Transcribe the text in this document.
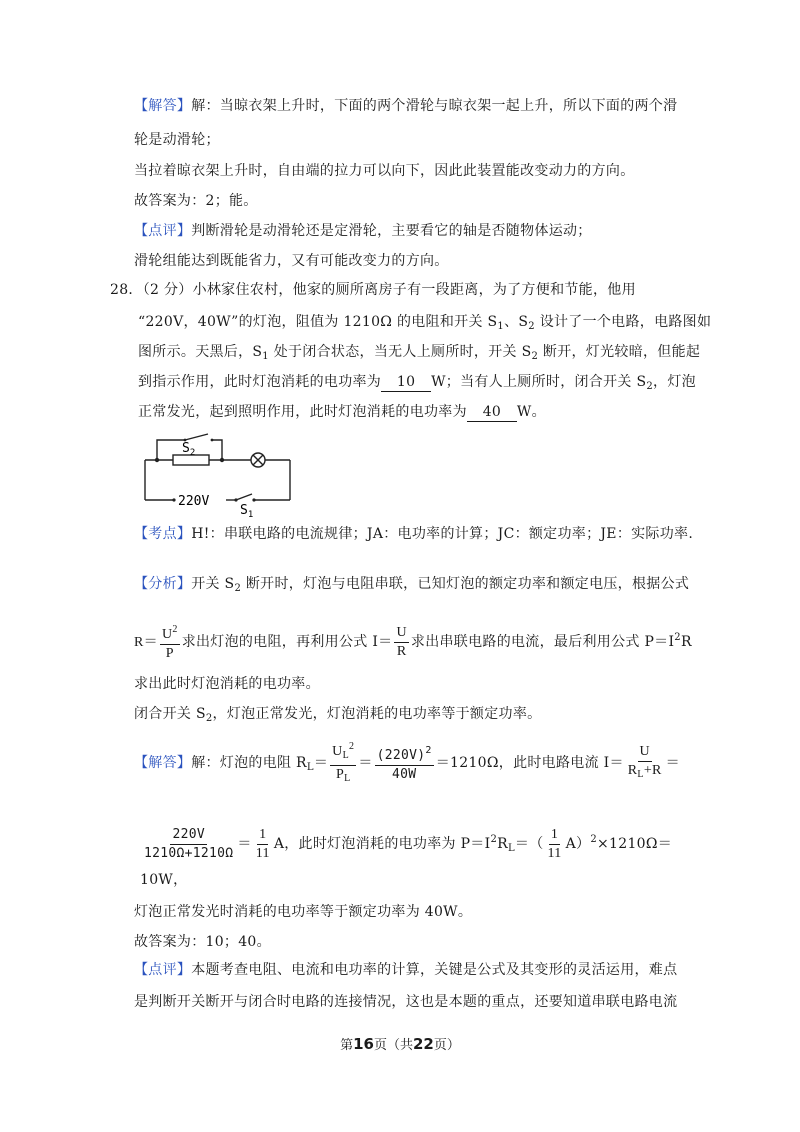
【解答】解：当晾衣架上升时，下面的两个滑轮与晾衣架一起上升，所以下面的两个滑
轮是动滑轮；
当拉着晾衣架上升时，自由端的拉力可以向下，因此此装置能改变动力的方向。
故答案为：2；能。
【点评】判断滑轮是动滑轮还是定滑轮，主要看它的轴是否随物体运动；
滑轮组能达到既能省力，又有可能改变力的方向。
28．（2 分）小林家住农村，他家的厕所离房子有一段距离，为了方便和节能，他用
“220V，40W”的灯泡，阻值为 1210Ω 的电阻和开关 $S_1$、$S_2$ 设计了一个电路，电路图如
图所示。天黑后，$S_1$ 处于闭合状态，当无人上厕所时，开关 $S_2$ 断开，灯光较暗，但能起
到指示作用，此时灯泡消耗的电功率为 10 W；当有人上厕所时，闭合开关 $S_2$，灯泡
正常发光，起到照明作用，此时灯泡消耗的电功率为 40 W。
$S_2$
220V
$S_1$
【考点】H!：串联电路的电流规律；JA：电功率的计算；JC：额定功率；JE：实际功率.
【分析】开关 $S_2$ 断开时，灯泡与电阻串联，已知灯泡的额定功率和额定电压，根据公式
$R= \frac{U^2}{P}$ 求出灯泡的电阻，再利用公式 $I= \frac{U}{R}$ 求出串联电路的电流，最后利用公式 $P=I^2R$
求出此时灯泡消耗的电功率。
闭合开关 $S_2$，灯泡正常发光，灯泡消耗的电功率等于额定功率。
【解答】解：灯泡的电阻 $R_L= \frac{U_L^2}{P_L} = \frac{(220V)^2}{40W} =1210\Omega$，此时电路电流 $I= \frac{U}{R_L+R}$ ＝
$\frac{220V}{1210\Omega+1210\Omega} = \frac{1}{11}$ A，此时灯泡消耗的电功率为 $P=I^2R_L=( \frac{1}{11} A)^2\times 1210\Omega=$
10W，
灯泡正常发光时消耗的电功率等于额定功率为 40W。
故答案为：10；40。
【点评】本题考查电阻、电流和电功率的计算，关键是公式及其变形的灵活运用，难点
是判断开关断开与闭合时电路的连接情况，这也是本题的重点，还要知道串联电路电流
第16页（共22页）
